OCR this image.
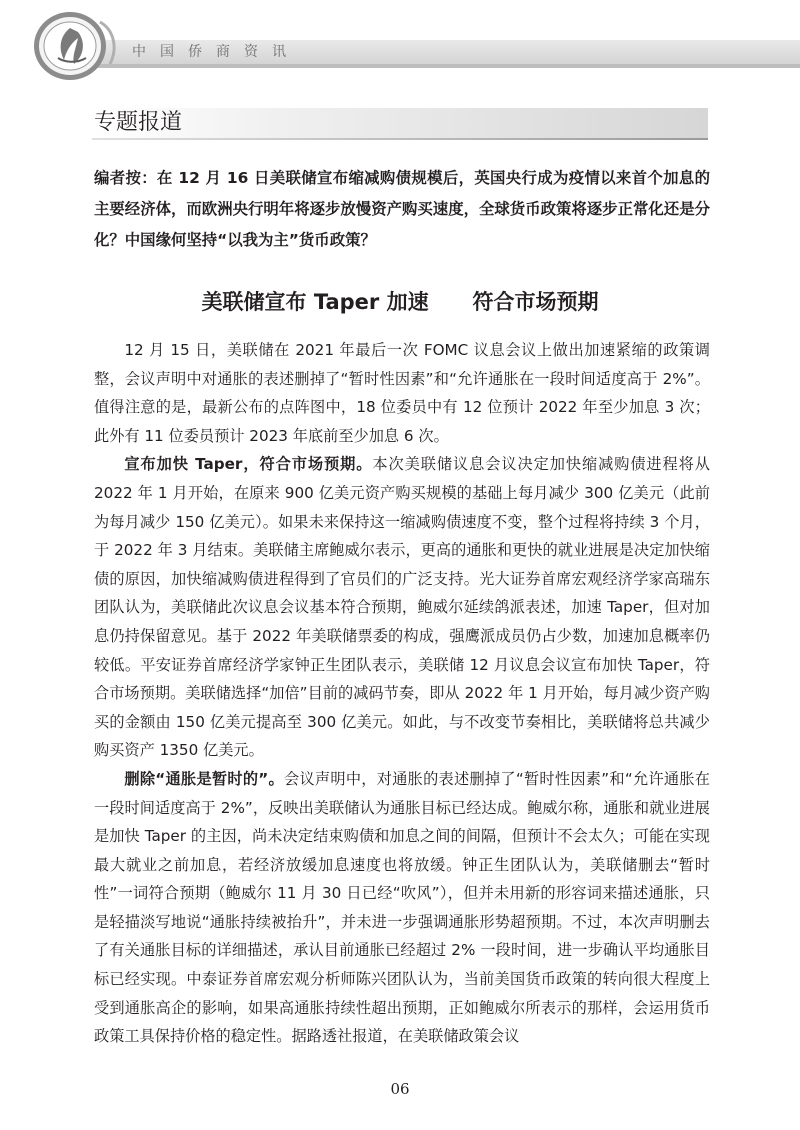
中国侨商资讯
专题报道
编者按：在 12 月 16 日美联储宣布缩减购债规模后，英国央行成为疫情以来首个加息的主要经济体，而欧洲央行明年将逐步放慢资产购买速度，全球货币政策将逐步正常化还是分化？中国缘何坚持“以我为主”货币政策？
美联储宣布 Taper 加速      符合市场预期

12 月 15 日，美联储在 2021 年最后一次 FOMC 议息会议上做出加速紧缩的政策调整，会议声明中对通胀的表述删掉了“暂时性因素”和“允许通胀在一段时间适度高于 2%”。值得注意的是，最新公布的点阵图中，18 位委员中有 12 位预计 2022 年至少加息 3 次；此外有 11 位委员预计 2023 年底前至少加息 6 次。

宣布加快 Taper，符合市场预期。本次美联储议息会议决定加快缩减购债进程将从 2022 年 1 月开始，在原来 900 亿美元资产购买规模的基础上每月减少 300 亿美元（此前为每月减少 150 亿美元）。如果未来保持这一缩减购债速度不变，整个过程将持续 3 个月，于 2022 年 3 月结束。美联储主席鲍威尔表示，更高的通胀和更快的就业进展是决定加快缩债的原因，加快缩减购债进程得到了官员们的广泛支持。光大证券首席宏观经济学家高瑞东团队认为，美联储此次议息会议基本符合预期，鲍威尔延续鸽派表述，加速 Taper，但对加息仍持保留意见。基于 2022 年美联储票委的构成，强鹰派成员仍占少数，加速加息概率仍较低。平安证券首席经济学家钟正生团队表示，美联储 12 月议息会议宣布加快 Taper，符合市场预期。美联储选择“加倍”目前的减码节奏，即从 2022 年 1 月开始，每月减少资产购买的金额由 150 亿美元提高至 300 亿美元。如此，与不改变节奏相比，美联储将总共减少购买资产 1350 亿美元。

删除“通胀是暂时的”。会议声明中，对通胀的表述删掉了“暂时性因素”和“允许通胀在一段时间适度高于 2%”，反映出美联储认为通胀目标已经达成。鲍威尔称，通胀和就业进展是加快 Taper 的主因，尚未决定结束购债和加息之间的间隔，但预计不会太久；可能在实现最大就业之前加息，若经济放缓加息速度也将放缓。钟正生团队认为，美联储删去“暂时性”一词符合预期（鲍威尔 11 月 30 日已经“吹风”），但并未用新的形容词来描述通胀，只是轻描淡写地说“通胀持续被抬升”，并未进一步强调通胀形势超预期。不过，本次声明删去了有关通胀目标的详细描述，承认目前通胀已经超过 2% 一段时间，进一步确认平均通胀目标已经实现。中泰证券首席宏观分析师陈兴团队认为，当前美国货币政策的转向很大程度上受到通胀高企的影响，如果高通胀持续性超出预期，正如鲍威尔所表示的那样，会运用货币政策工具保持价格的稳定性。据路透社报道，在美联储政策会议

06
